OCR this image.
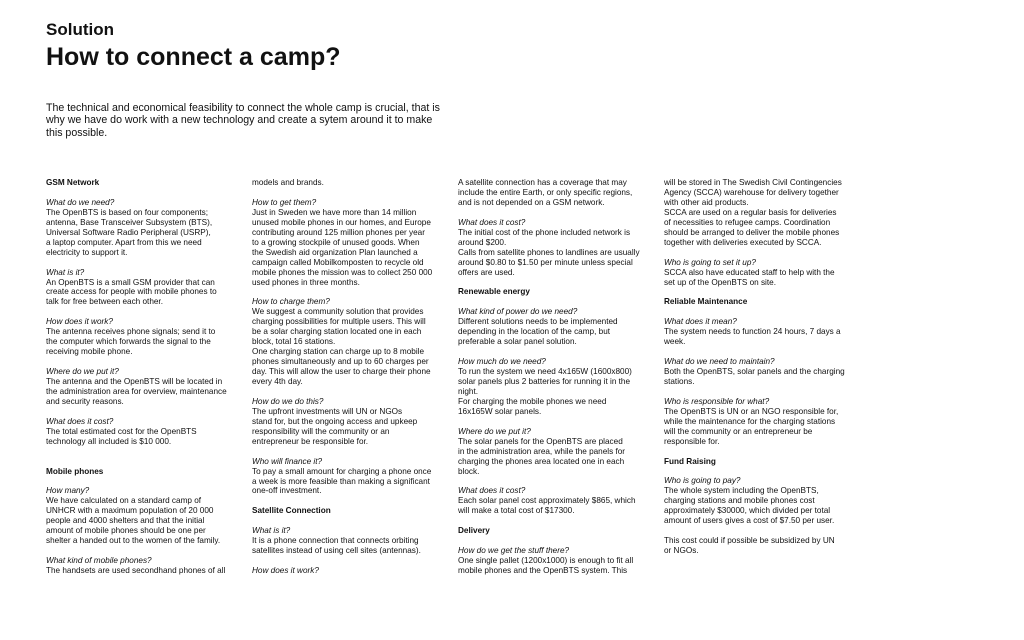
Solution

How to connect a camp?

The technical and economical feasibility to connect the whole camp is crucial, that is why we have do work with a new technology and create a sytem around it to make this possible.

GSM Network

What do we need?

The OpenBTS is based on four components;

antenna, Base Transceiver Subsystem (BTS),

Universal Software Radio Peripheral (USRP),

a laptop computer. Apart from this we need

electricity to support it.

What is it?

An OpenBTS is a small GSM provider that can

create access for people with mobile phones to

talk for free between each other.

How does it work?

The antenna receives phone signals; send it to

the computer which forwards the signal to the

receiving mobile phone.

Where do we put it?

The antenna and the OpenBTS will be located in

the administration area for overview, maintenance

and security reasons.

What does it cost?

The total estimated cost for the OpenBTS

technology all included is $10 000.

Mobile phones

How many?

We have calculated on a standard camp of

UNHCR with a maximum population of 20 000

people and 4000 shelters and that the initial

amount of mobile phones should be one per

shelter a handed out to the women of the family.

What kind of mobile phones?

The handsets are used secondhand phones of all

models and brands.

How to get them?

Just in Sweden we have more than 14 million

unused mobile phones in our homes, and Europe

contributing around 125 million phones per year

to a growing stockpile of unused goods. When

the Swedish aid organization Plan launched a

campaign called Mobilkomposten to recycle old

mobile phones the mission was to collect 250 000

used phones in three months.

How to charge them?

We suggest a community solution that provides

charging possibilities for multiple users. This will

be a solar charging station located one in each

block, total 16 stations.

One charging station can charge up to 8 mobile

phones simultaneously and up to 60 charges per

day. This will allow the user to charge their phone

every 4th day.

How do we do this?

The upfront investments will UN or NGOs

stand for, but the ongoing access and upkeep

responsibility will the community or an

entrepreneur be responsible for.

Who will finance it?

To pay a small amount for charging a phone once

a week is more feasible than making a significant

one-off investment.

Satellite Connection

What is it?

It is a phone connection that connects orbiting

satellites instead of using cell sites (antennas).

How does it work?

A satellite connection has a coverage that may

include the entire Earth, or only specific regions,

and is not depended on a GSM network.

What does it cost?

The initial cost of the phone included network is

around $200.

Calls from satellite phones to landlines are usually

around $0.80 to $1.50 per minute unless special

offers are used.

Renewable energy

What kind of power do we need?

Different solutions needs to be implemented

depending in the location of the camp, but

preferable a solar panel solution.

How much do we need?

To run the system we need 4x165W (1600x800)

solar panels plus 2 batteries for running it in the

night.

For charging the mobile phones we need

16x165W solar panels.

Where do we put it?

The solar panels for the OpenBTS are placed

in the administration area, while the panels for

charging the phones area located one in each

block.

What does it cost?

Each solar panel cost approximately $865, which

will make a total cost of $17300.

Delivery

How do we get the stuff there?

One single pallet (1200x1000) is enough to fit all

mobile phones and the OpenBTS system. This

will be stored in The Swedish Civil Contingencies

Agency (SCCA) warehouse for delivery together

with other aid products.

SCCA are used on a regular basis for deliveries

of necessities to refugee camps. Coordination

should be arranged to deliver the mobile phones

together with deliveries executed by SCCA.

Who is going to set it up?

SCCA also have educated staff to help with the

set up of the OpenBTS on site.

Reliable Maintenance

What does it mean?

The system needs to function 24 hours, 7 days a

week.

What do we need to maintain?

Both the OpenBTS, solar panels and the charging

stations.

Who is responsible for what?

The OpenBTS is UN or an NGO responsible for,

while the maintenance for the charging stations

will the community or an entrepreneur be

responsible for.

Fund Raising

Who is going to pay?

The whole system including the OpenBTS,

charging stations and mobile phones cost

approximately $30000, which divided per total

amount of users gives a cost of $7.50 per user.

This cost could if possible be subsidized by UN

or NGOs.
